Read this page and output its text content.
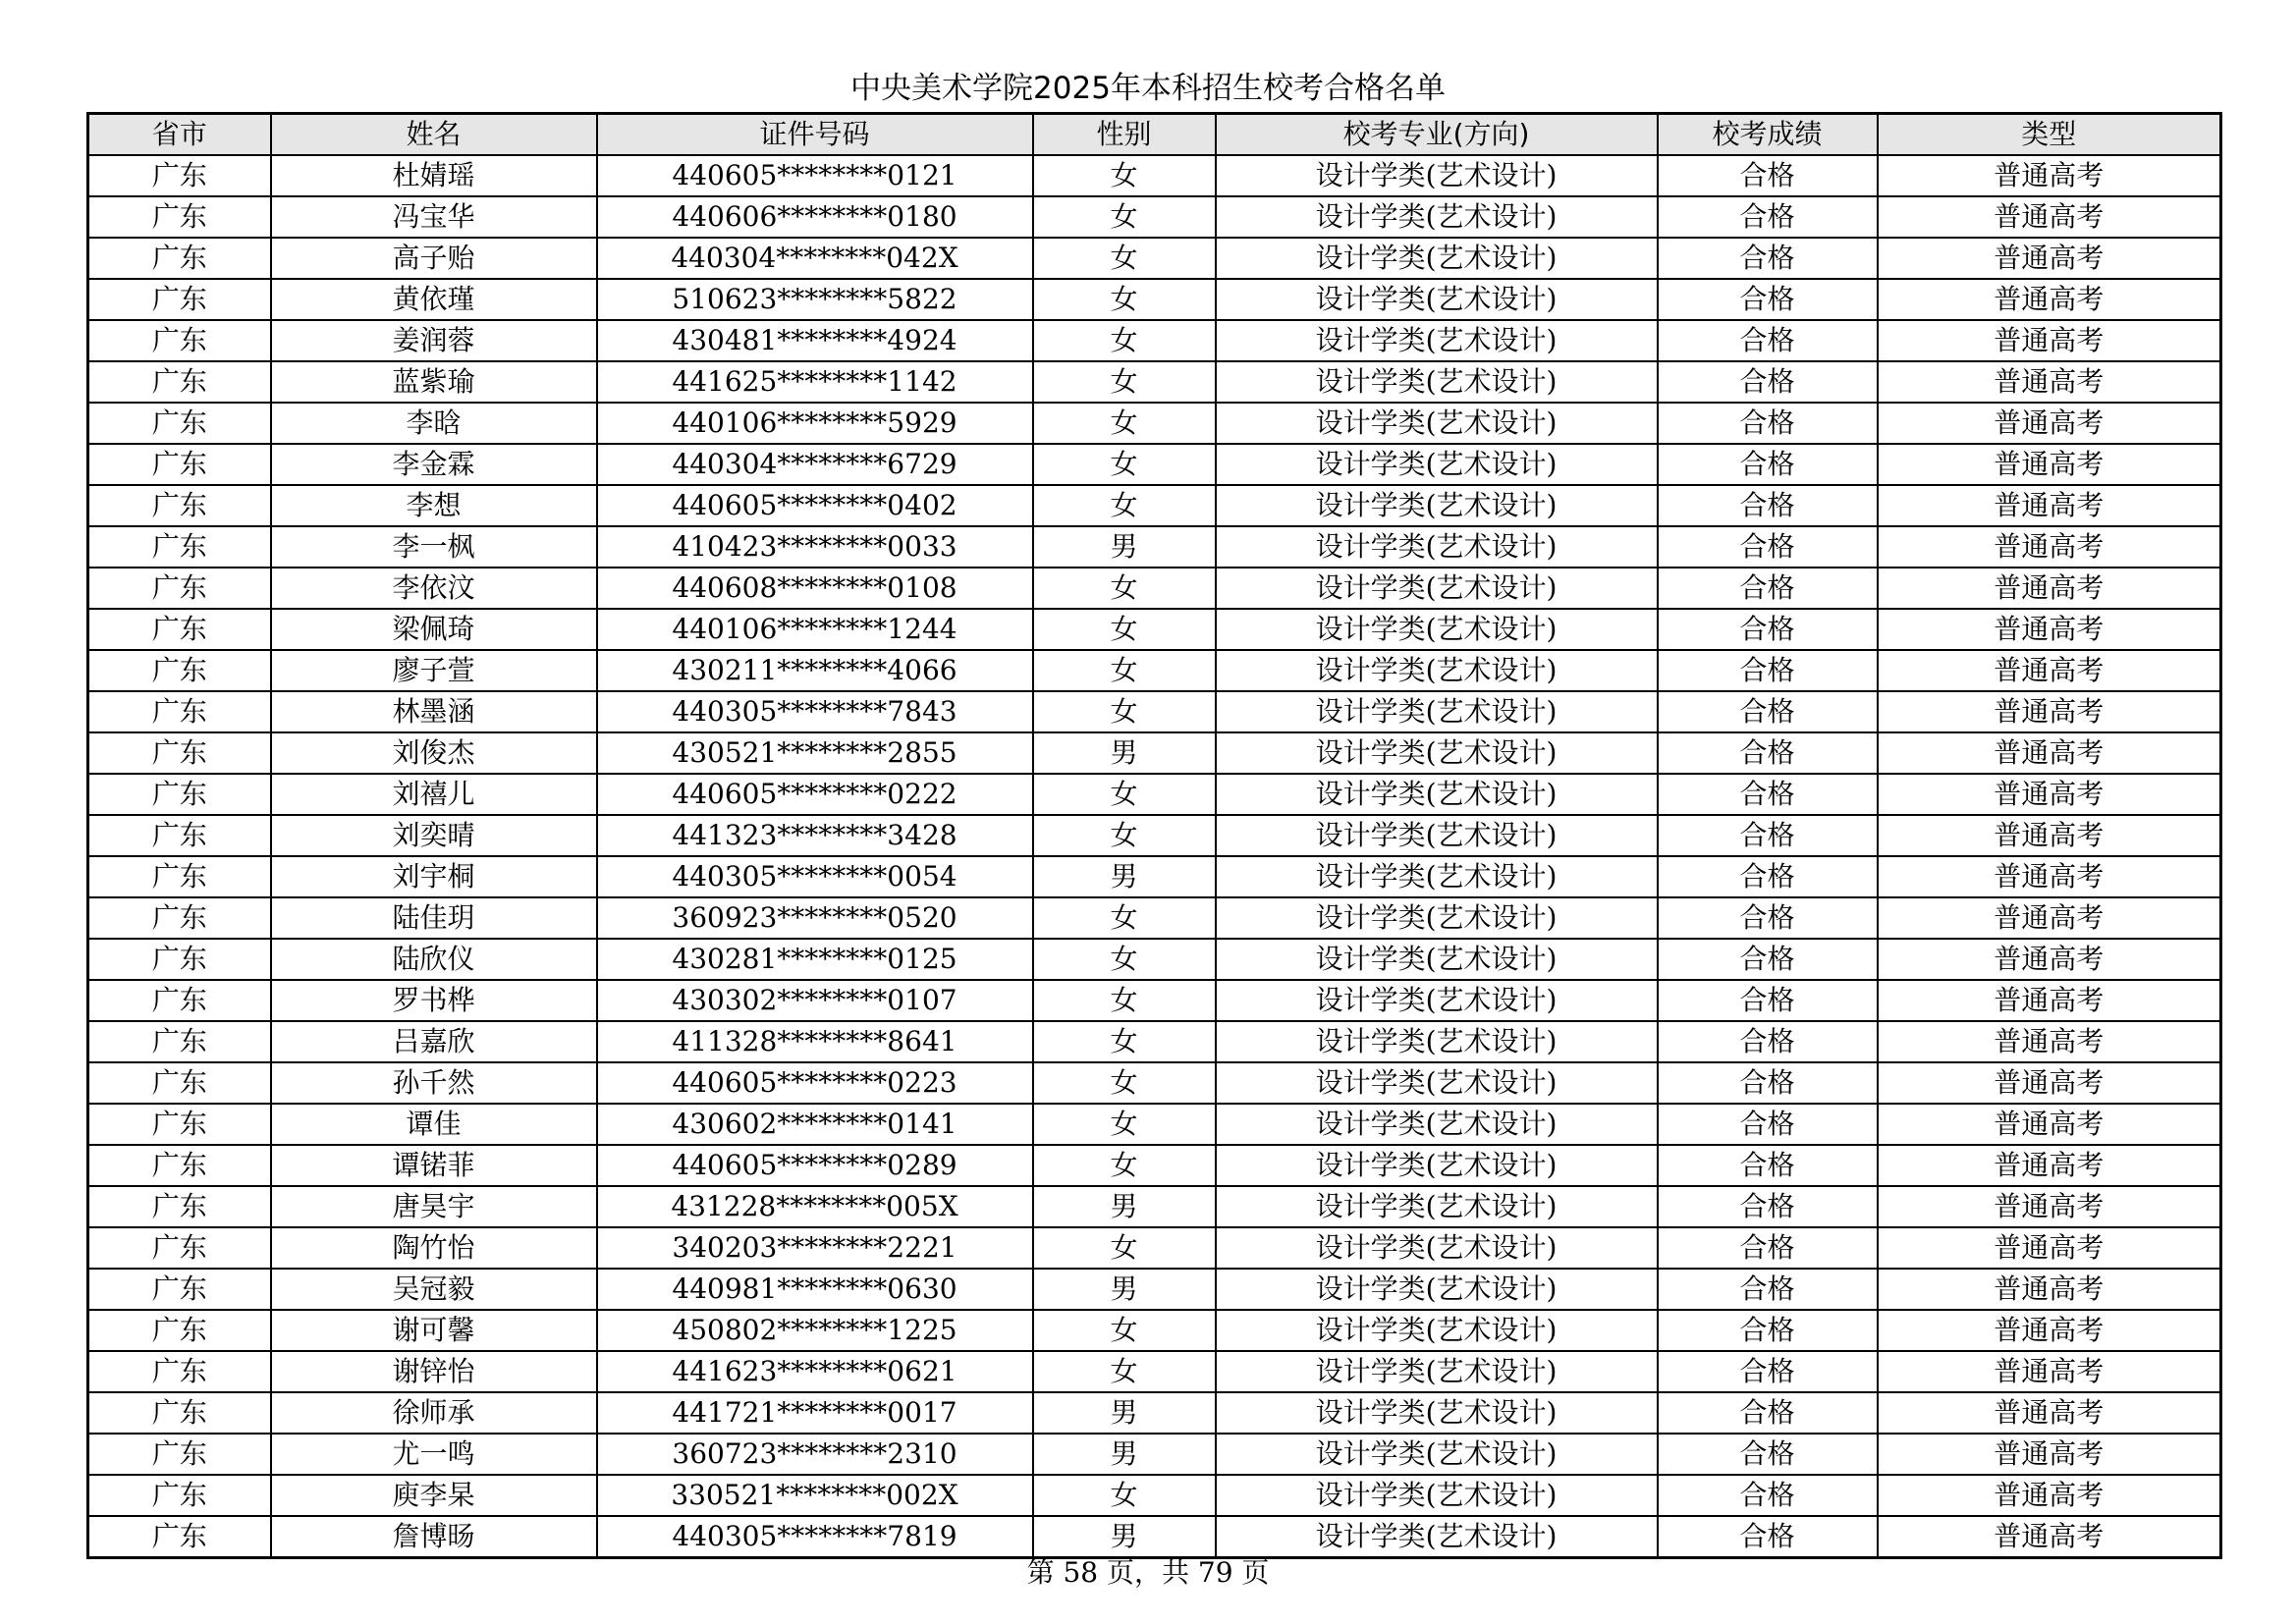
中央美术学院2025年本科招生校考合格名单
省市	姓名	证件号码	性别	校考专业(方向)	校考成绩	类型
广东	杜婧瑶	440605********0121	女	设计学类(艺术设计)	合格	普通高考
广东	冯宝华	440606********0180	女	设计学类(艺术设计)	合格	普通高考
广东	高子贻	440304********042X	女	设计学类(艺术设计)	合格	普通高考
广东	黄依瑾	510623********5822	女	设计学类(艺术设计)	合格	普通高考
广东	姜润蓉	430481********4924	女	设计学类(艺术设计)	合格	普通高考
广东	蓝紫瑜	441625********1142	女	设计学类(艺术设计)	合格	普通高考
广东	李晗	440106********5929	女	设计学类(艺术设计)	合格	普通高考
广东	李金霖	440304********6729	女	设计学类(艺术设计)	合格	普通高考
广东	李想	440605********0402	女	设计学类(艺术设计)	合格	普通高考
广东	李一枫	410423********0033	男	设计学类(艺术设计)	合格	普通高考
广东	李依汶	440608********0108	女	设计学类(艺术设计)	合格	普通高考
广东	梁佩琦	440106********1244	女	设计学类(艺术设计)	合格	普通高考
广东	廖子萱	430211********4066	女	设计学类(艺术设计)	合格	普通高考
广东	林墨涵	440305********7843	女	设计学类(艺术设计)	合格	普通高考
广东	刘俊杰	430521********2855	男	设计学类(艺术设计)	合格	普通高考
广东	刘禧儿	440605********0222	女	设计学类(艺术设计)	合格	普通高考
广东	刘奕晴	441323********3428	女	设计学类(艺术设计)	合格	普通高考
广东	刘宇桐	440305********0054	男	设计学类(艺术设计)	合格	普通高考
广东	陆佳玥	360923********0520	女	设计学类(艺术设计)	合格	普通高考
广东	陆欣仪	430281********0125	女	设计学类(艺术设计)	合格	普通高考
广东	罗书桦	430302********0107	女	设计学类(艺术设计)	合格	普通高考
广东	吕嘉欣	411328********8641	女	设计学类(艺术设计)	合格	普通高考
广东	孙千然	440605********0223	女	设计学类(艺术设计)	合格	普通高考
广东	谭佳	430602********0141	女	设计学类(艺术设计)	合格	普通高考
广东	谭锘菲	440605********0289	女	设计学类(艺术设计)	合格	普通高考
广东	唐昊宇	431228********005X	男	设计学类(艺术设计)	合格	普通高考
广东	陶竹怡	340203********2221	女	设计学类(艺术设计)	合格	普通高考
广东	吴冠毅	440981********0630	男	设计学类(艺术设计)	合格	普通高考
广东	谢可馨	450802********1225	女	设计学类(艺术设计)	合格	普通高考
广东	谢锌怡	441623********0621	女	设计学类(艺术设计)	合格	普通高考
广东	徐师承	441721********0017	男	设计学类(艺术设计)	合格	普通高考
广东	尤一鸣	360723********2310	男	设计学类(艺术设计)	合格	普通高考
广东	庾李杲	330521********002X	女	设计学类(艺术设计)	合格	普通高考
广东	詹博旸	440305********7819	男	设计学类(艺术设计)	合格	普通高考
第 58 页，共 79 页
